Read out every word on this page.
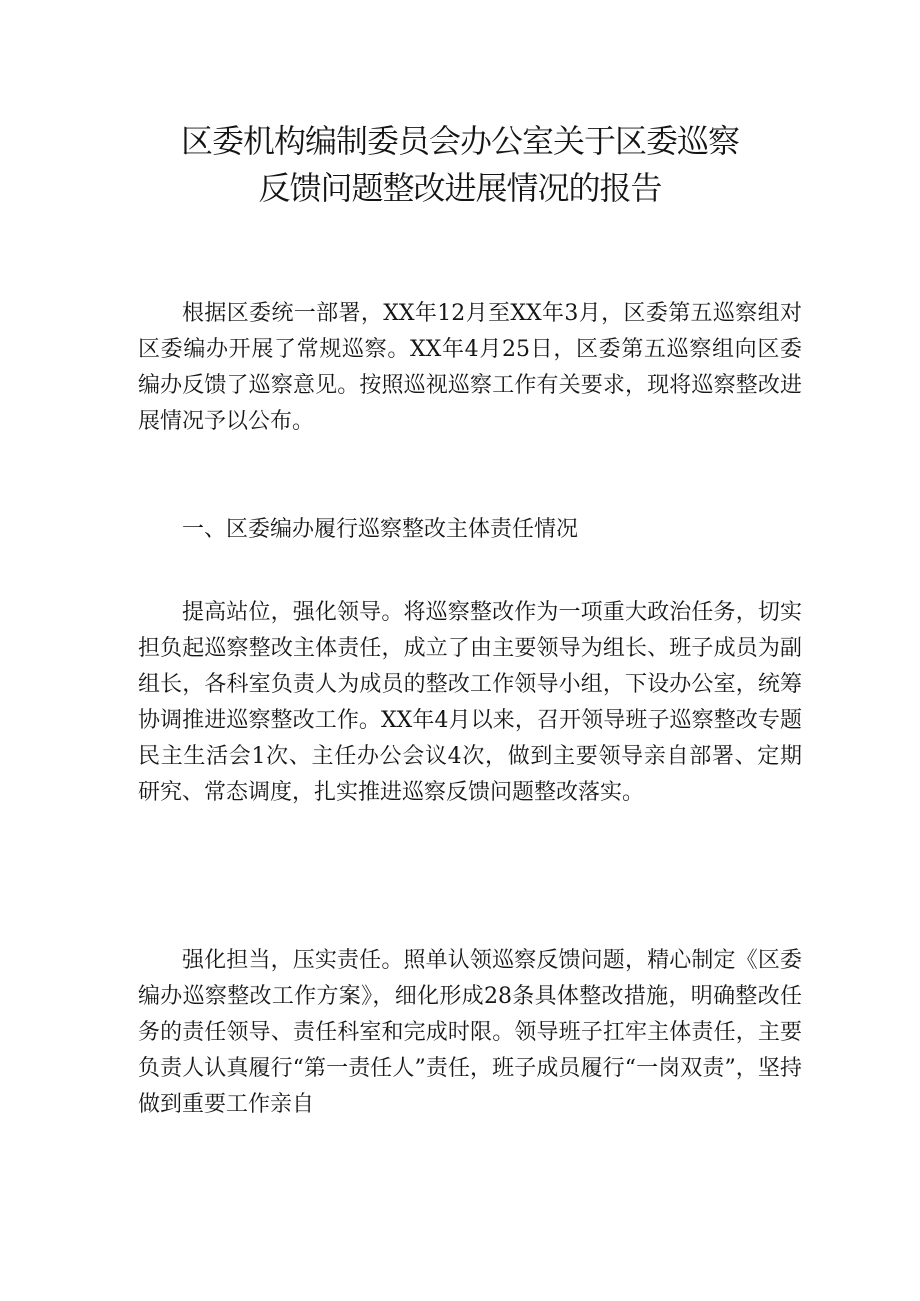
区委机构编制委员会办公室关于区委巡察
反馈问题整改进展情况的报告

根据区委统一部署，XX年12月至XX年3月，区委第五巡察组对区委编办开展了常规巡察。XX年4月25日，区委第五巡察组向区委编办反馈了巡察意见。按照巡视巡察工作有关要求，现将巡察整改进展情况予以公布。

一、区委编办履行巡察整改主体责任情况

提高站位，强化领导。将巡察整改作为一项重大政治任务，切实担负起巡察整改主体责任，成立了由主要领导为组长、班子成员为副组长，各科室负责人为成员的整改工作领导小组，下设办公室，统筹协调推进巡察整改工作。XX年4月以来，召开领导班子巡察整改专题民主生活会1次、主任办公会议4次，做到主要领导亲自部署、定期研究、常态调度，扎实推进巡察反馈问题整改落实。

强化担当，压实责任。照单认领巡察反馈问题，精心制定《区委编办巡察整改工作方案》，细化形成28条具体整改措施，明确整改任务的责任领导、责任科室和完成时限。领导班子扛牢主体责任，主要负责人认真履行“第一责任人”责任，班子成员履行“一岗双责”，坚持做到重要工作亲自
